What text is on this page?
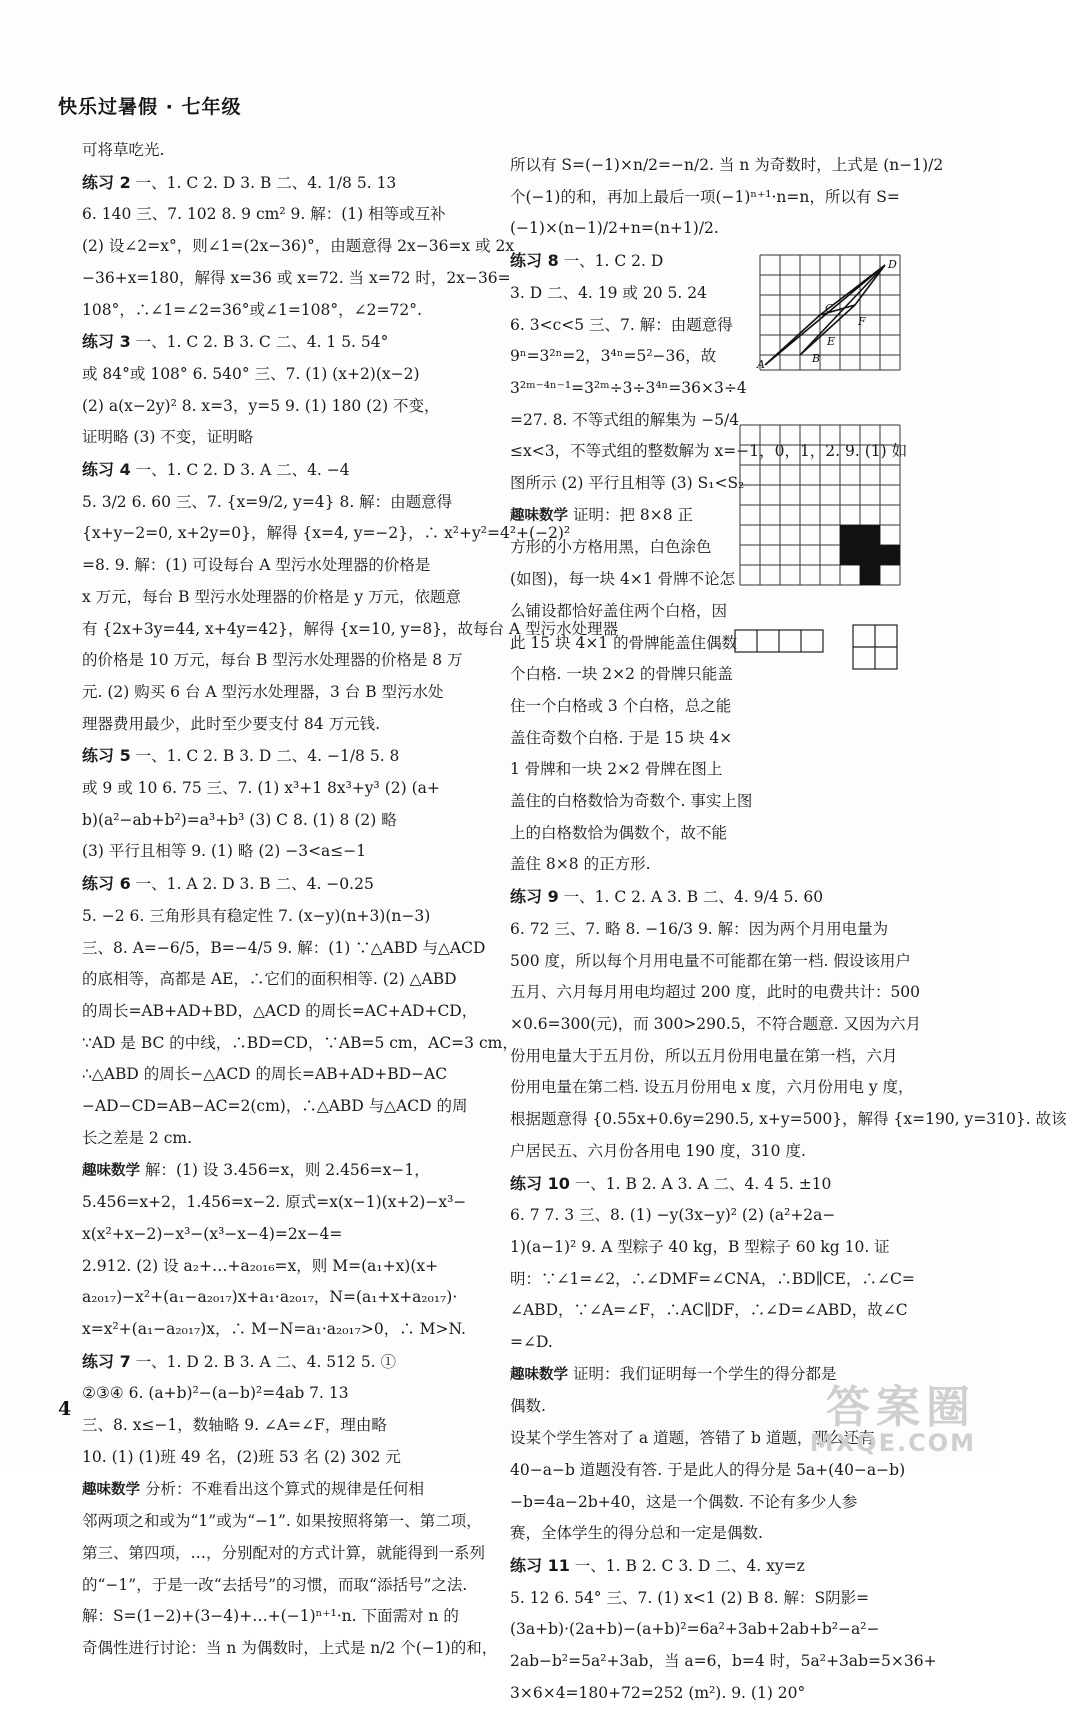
快乐过暑假 · 七年级

可将草吃光.

练习 2 一、1. C 2. D 3. B 二、4. 1/8 5. 13

6. 140 三、7. 102 8. 9 cm² 9. 解：(1) 相等或互补

(2) 设∠2=x°，则∠1=(2x−36)°，由题意得 2x−36=x 或 2x

−36+x=180，解得 x=36 或 x=72. 当 x=72 时，2x−36=

108°，∴∠1=∠2=36°或∠1=108°，∠2=72°.

练习 3 一、1. C 2. B 3. C 二、4. 1 5. 54°

或 84°或 108° 6. 540° 三、7. (1) (x+2)(x−2)

(2) a(x−2y)² 8. x=3，y=5 9. (1) 180 (2) 不变，

证明略 (3) 不变，证明略

练习 4 一、1. C 2. D 3. A 二、4. −4

5. 3/2 6. 60 三、7. {x=9/2, y=4} 8. 解：由题意得

{x+y−2=0, x+2y=0}，解得 {x=4, y=−2}，∴ x²+y²=4²+(−2)²

=8. 9. 解：(1) 可设每台 A 型污水处理器的价格是

x 万元，每台 B 型污水处理器的价格是 y 万元，依题意

有 {2x+3y=44, x+4y=42}，解得 {x=10, y=8}，故每台 A 型污水处理器

的价格是 10 万元，每台 B 型污水处理器的价格是 8 万

元. (2) 购买 6 台 A 型污水处理器，3 台 B 型污水处

理器费用最少，此时至少要支付 84 万元钱.

练习 5 一、1. C 2. B 3. D 二、4. −1/8 5. 8

或 9 或 10 6. 75 三、7. (1) x³+1 8x³+y³ (2) (a+

b)(a²−ab+b²)=a³+b³ (3) C 8. (1) 8 (2) 略

(3) 平行且相等 9. (1) 略 (2) −3<a≤−1

练习 6 一、1. A 2. D 3. B 二、4. −0.25

5. −2 6. 三角形具有稳定性 7. (x−y)(n+3)(n−3)

三、8. A=−6/5，B=−4/5 9. 解：(1) ∵△ABD 与△ACD

的底相等，高都是 AE，∴它们的面积相等. (2) △ABD

的周长=AB+AD+BD，△ACD 的周长=AC+AD+CD，

∵AD 是 BC 的中线，∴BD=CD，∵AB=5 cm，AC=3 cm，

∴△ABD 的周长−△ACD 的周长=AB+AD+BD−AC

−AD−CD=AB−AC=2(cm)，∴△ABD 与△ACD 的周

长之差是 2 cm.

趣味数学 解：(1) 设 3.456=x，则 2.456=x−1，

5.456=x+2，1.456=x−2. 原式=x(x−1)(x+2)−x³−

x(x²+x−2)−x³−(x³−x−4)=2x−4=

2.912. (2) 设 a₂+…+a₂₀₁₆=x，则 M=(a₁+x)(x+

a₂₀₁₇)−x²+(a₁−a₂₀₁₇)x+a₁·a₂₀₁₇，N=(a₁+x+a₂₀₁₇)·

x=x²+(a₁−a₂₀₁₇)x，∴ M−N=a₁·a₂₀₁₇>0，∴ M>N.

练习 7 一、1. D 2. B 3. A 二、4. 512 5. ①

②③④ 6. (a+b)²−(a−b)²=4ab 7. 13

三、8. x≤−1，数轴略 9. ∠A=∠F，理由略

10. (1) (1)班 49 名，(2)班 53 名 (2) 302 元

趣味数学 分析：不难看出这个算式的规律是任何相

邻两项之和或为“1”或为“−1”. 如果按照将第一、第二项，

第三、第四项，…，分别配对的方式计算，就能得到一系列

的“−1”，于是一改“去括号”的习惯，而取“添括号”之法.

解：S=(1−2)+(3−4)+…+(−1)ⁿ⁺¹·n. 下面需对 n 的

奇偶性进行讨论：当 n 为偶数时，上式是 n/2 个(−1)的和，

所以有 S=(−1)×n/2=−n/2. 当 n 为奇数时，上式是 (n−1)/2

个(−1)的和，再加上最后一项(−1)ⁿ⁺¹·n=n，所以有 S=

(−1)×(n−1)/2+n=(n+1)/2.

练习 8 一、1. C 2. D

3. D 二、4. 19 或 20 5. 24

6. 3<c<5 三、7. 解：由题意得

9ⁿ=3²ⁿ=2，3⁴ⁿ=5²−36，故

3²ᵐ⁻⁴ⁿ⁻¹=3²ᵐ÷3÷3⁴ⁿ=36×3÷4

=27. 8. 不等式组的解集为 −5/4

≤x<3，不等式组的整数解为 x=−1，0，1，2. 9. (1) 如

图所示 (2) 平行且相等 (3) S₁<S₂

趣味数学 证明：把 8×8 正

方形的小方格用黑，白色涂色

(如图)，每一块 4×1 骨牌不论怎

么铺设都恰好盖住两个白格，因

此 15 块 4×1 的骨牌能盖住偶数

个白格. 一块 2×2 的骨牌只能盖

住一个白格或 3 个白格，总之能

盖住奇数个白格. 于是 15 块 4×

1 骨牌和一块 2×2 骨牌在图上

盖住的白格数恰为奇数个. 事实上图

上的白格数恰为偶数个，故不能

盖住 8×8 的正方形.

练习 9 一、1. C 2. A 3. B 二、4. 9/4 5. 60

6. 72 三、7. 略 8. −16/3 9. 解：因为两个月用电量为

500 度，所以每个月用电量不可能都在第一档. 假设该用户

五月、六月每月用电均超过 200 度，此时的电费共计：500

×0.6=300(元)，而 300>290.5，不符合题意. 又因为六月

份用电量大于五月份，所以五月份用电量在第一档，六月

份用电量在第二档. 设五月份用电 x 度，六月份用电 y 度，

根据题意得 {0.55x+0.6y=290.5, x+y=500}，解得 {x=190, y=310}. 故该

户居民五、六月份各用电 190 度，310 度.

练习 10 一、1. B 2. A 3. A 二、4. 4 5. ±10

6. 7 7. 3 三、8. (1) −y(3x−y)² (2) (a²+2a−

1)(a−1)² 9. A 型粽子 40 kg，B 型粽子 60 kg 10. 证

明：∵∠1=∠2，∴∠DMF=∠CNA，∴BD∥CE，∴∠C=

∠ABD，∵∠A=∠F，∴AC∥DF，∴∠D=∠ABD，故∠C

=∠D.

趣味数学 证明：我们证明每一个学生的得分都是

偶数.

设某个学生答对了 a 道题，答错了 b 道题，那么还有

40−a−b 道题没有答. 于是此人的得分是 5a+(40−a−b)

−b=4a−2b+40，这是一个偶数. 不论有多少人参

赛，全体学生的得分总和一定是偶数.

练习 11 一、1. B 2. C 3. D 二、4. xy=z

5. 12 6. 54° 三、7. (1) x<1 (2) B 8. 解：S阴影=

(3a+b)·(2a+b)−(a+b)²=6a²+3ab+2ab+b²−a²−

2ab−b²=5a²+3ab，当 a=6，b=4 时，5a²+3ab=5×36+

3×6×4=180+72=252 (m²). 9. (1) 20°

A	B
C
D
E
F
4	答案圈
MXQE.COM
